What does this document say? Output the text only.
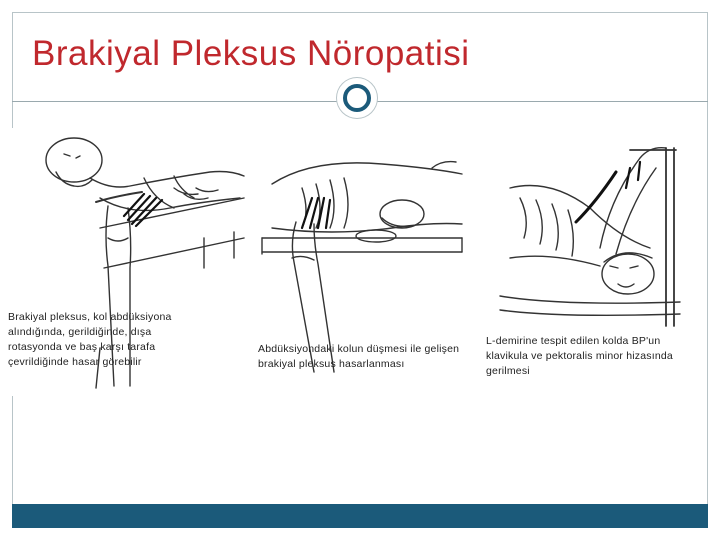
Brakiyal Pleksus Nöropatisi
Brakiyal pleksus, kol abdüksiyona alındığında, gerildiğinde, dışa rotasyonda ve baş karşı tarafa çevrildiğinde hasar görebilir
Abdüksiyondaki kolun düşmesi ile gelişen brakiyal pleksus hasarlanması
L-demirine tespit edilen kolda BP'un klavikula ve pektoralis minor hizasında gerilmesi
